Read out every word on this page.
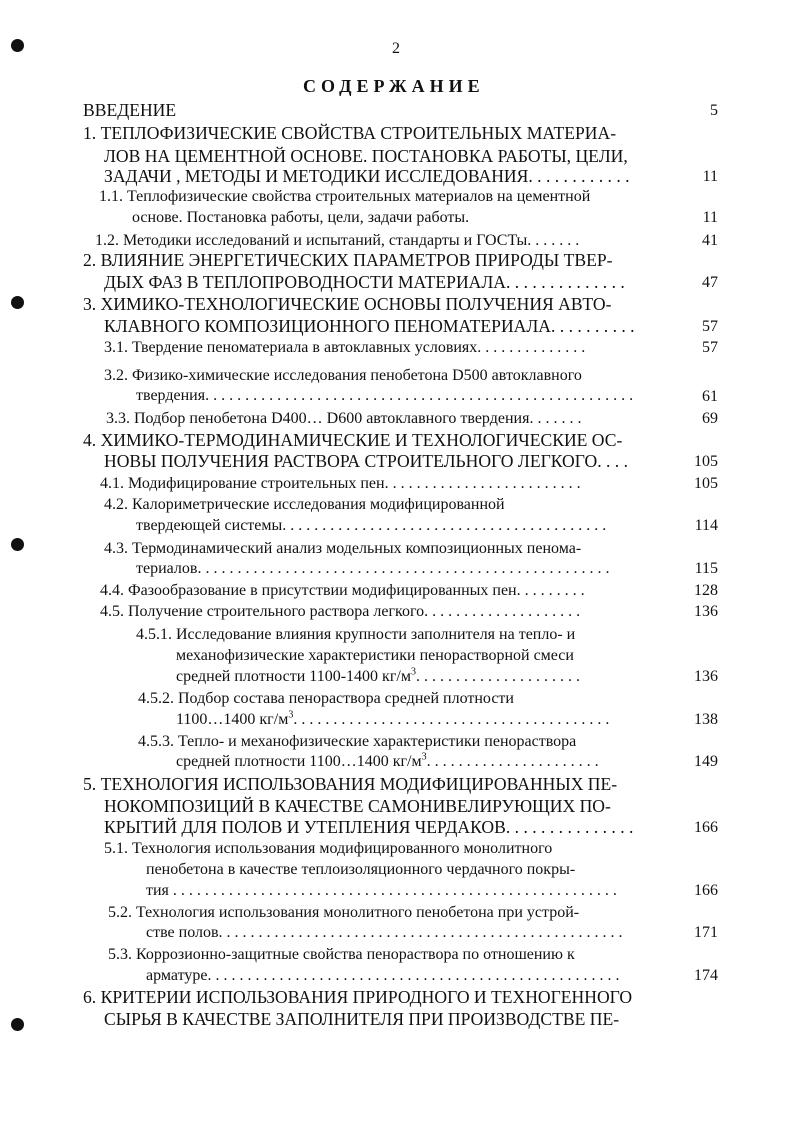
2
СОДЕРЖАНИЕ
ВВЕДЕНИЕ	5
1. ТЕПЛОФИЗИЧЕСКИЕ СВОЙСТВА СТРОИТЕЛЬНЫХ МАТЕРИА-
ЛОВ НА ЦЕМЕНТНОЙ ОСНОВЕ. ПОСТАНОВКА РАБОТЫ, ЦЕЛИ,
ЗАДАЧИ , МЕТОДЫ И МЕТОДИКИ ИССЛЕДОВАНИЯ. . . . . . . . . . . .	11
1.1. Теплофизические свойства строительных материалов на цементной
основе. Постановка работы, цели, задачи работы.	11
1.2. Методики исследований и испытаний, стандарты и ГОСТы. . . . . . .	41
2. ВЛИЯНИЕ ЭНЕРГЕТИЧЕСКИХ ПАРАМЕТРОВ ПРИРОДЫ ТВЕР-
ДЫХ ФАЗ В ТЕПЛОПРОВОДНОСТИ МАТЕРИАЛА. . . . . . . . . . . . . .	47
3. ХИМИКО-ТЕХНОЛОГИЧЕСКИЕ ОСНОВЫ ПОЛУЧЕНИЯ АВТО-
КЛАВНОГО КОМПОЗИЦИОННОГО ПЕНОМАТЕРИАЛА. . . . . . . . . .	57
3.1. Твердение пеноматериала в автоклавных условиях. . . . . . . . . . . . . .	57
3.2. Физико-химические исследования пенобетона D500 автоклавного
твердения. . . . . . . . . . . . . . . . . . . . . . . . . . . . . . . . . . . . . . . . . . . . . . . . . . . . . .	61
3.3. Подбор пенобетона D400… D600 автоклавного твердения. . . . . . .	69
4. ХИМИКО-ТЕРМОДИНАМИЧЕСКИЕ И ТЕХНОЛОГИЧЕСКИЕ ОС-
НОВЫ ПОЛУЧЕНИЯ РАСТВОРА СТРОИТЕЛЬНОГО ЛЕГКОГО. . . .	105
4.1. Модифицирование строительных пен. . . . . . . . . . . . . . . . . . . . . . . . .	105
4.2. Калориметрические исследования модифицированной
твердеющей системы. . . . . . . . . . . . . . . . . . . . . . . . . . . . . . . . . . . . . . . . .	114
4.3. Термодинамический анализ модельных композиционных пенома-
териалов. . . . . . . . . . . . . . . . . . . . . . . . . . . . . . . . . . . . . . . . . . . . . . . . . . . .	115
4.4. Фазообразование в присутствии модифицированных пен. . . . . . . . .	128
4.5. Получение строительного раствора легкого. . . . . . . . . . . . . . . . . . . .	136
4.5.1. Исследование влияния крупности заполнителя на тепло- и
механофизические характеристики пенорастворной смеси
средней плотности 1100-1400 $кг/м^3$. . . . . . . . . . . . . . . . . . . . .	136
4.5.2. Подбор состава пенораствора средней плотности
1100…1400 $кг/м^3$. . . . . . . . . . . . . . . . . . . . . . . . . . . . . . . . . . . . . . . .	138
4.5.3. Тепло- и механофизические характеристики пенораствора
средней плотности 1100…1400 $кг/м^3$. . . . . . . . . . . . . . . . . . . . . .	149
5. ТЕХНОЛОГИЯ ИСПОЛЬЗОВАНИЯ МОДИФИЦИРОВАННЫХ ПЕ-
НОКОМПОЗИЦИЙ В КАЧЕСТВЕ САМОНИВЕЛИРУЮЩИХ ПО-
КРЫТИЙ ДЛЯ ПОЛОВ И УТЕПЛЕНИЯ ЧЕРДАКОВ. . . . . . . . . . . . . . .	166
5.1. Технология использования модифицированного монолитного
пенобетона в качестве теплоизоляционного чердачного покры-
тия . . . . . . . . . . . . . . . . . . . . . . . . . . . . . . . . . . . . . . . . . . . . . . . . . . . . . . . .	166
5.2. Технология использования монолитного пенобетона при устрой-
стве полов. . . . . . . . . . . . . . . . . . . . . . . . . . . . . . . . . . . . . . . . . . . . . . . . . . .	171
5.3. Коррозионно-защитные свойства пенораствора по отношению к
арматуре. . . . . . . . . . . . . . . . . . . . . . . . . . . . . . . . . . . . . . . . . . . . . . . . . . . .	174
6. КРИТЕРИИ ИСПОЛЬЗОВАНИЯ ПРИРОДНОГО И ТЕХНОГЕННОГО
СЫРЬЯ В КАЧЕСТВЕ ЗАПОЛНИТЕЛЯ ПРИ ПРОИЗВОДСТВЕ ПЕ-
